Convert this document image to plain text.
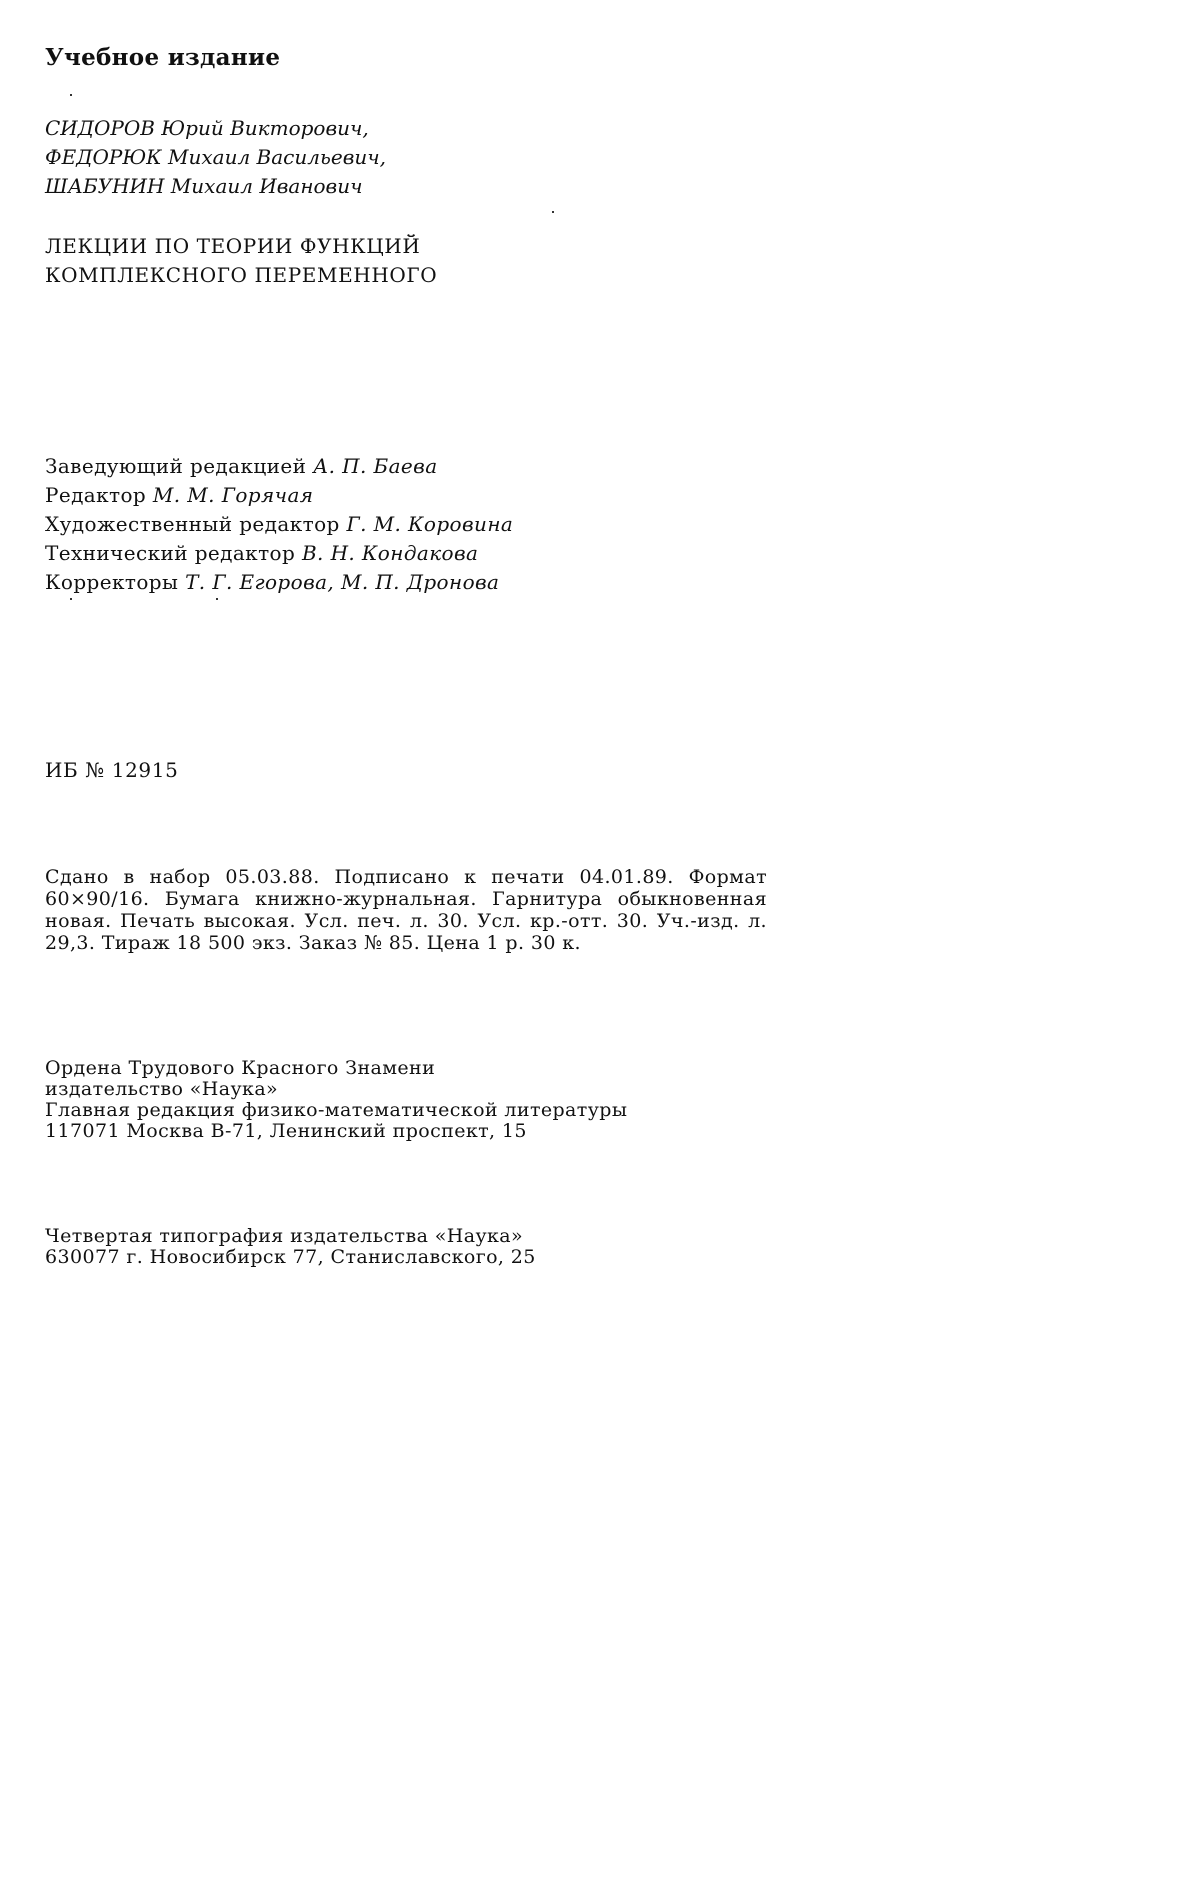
Учебное издание
СИДОРОВ Юрий Викторович,
ФЕДОРЮК Михаил Васильевич,
ШАБУНИН Михаил Иванович
ЛЕКЦИИ ПО ТЕОРИИ ФУНКЦИЙ
КОМПЛЕКСНОГО ПЕРЕМЕННОГО
Заведующий редакцией А. П. Баева
Редактор М. М. Горячая
Художественный редактор Г. М. Коровина
Технический редактор В. Н. Кондакова
Корректоры Т. Г. Егорова, М. П. Дронова
ИБ № 12915
Сдано в набор 05.03.88. Подписано к печати 04.01.89. Формат 60×90/16. Бумага книжно-журнальная. Гарнитура обыкновенная новая. Печать высокая. Усл. печ. л. 30. Усл. кр.-отт. 30. Уч.-изд. л. 29,3. Тираж 18 500 экз. Заказ № 85. Цена 1 р. 30 к.
Ордена Трудового Красного Знамени
издательство «Наука»
Главная редакция физико-математической литературы
117071 Москва В-71, Ленинский проспект, 15
Четвертая типография издательства «Наука»
630077 г. Новосибирск 77, Станиславского, 25
